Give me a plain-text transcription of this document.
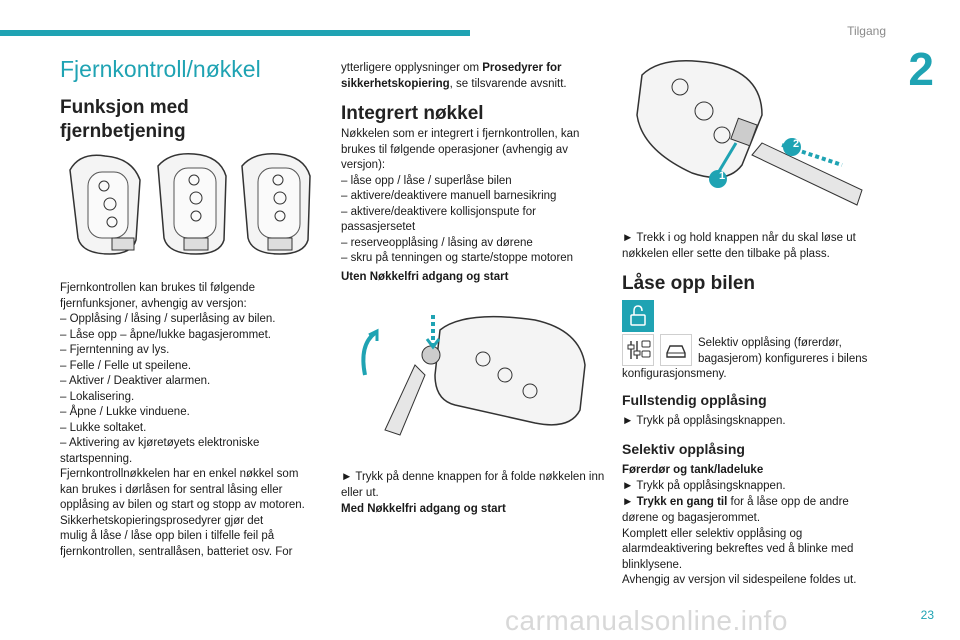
Tilgang
2
23
Fjernkontroll/nøkkel
Funksjon med fjernbetjening

Fjernkontrollen kan brukes til følgende

fjernfunksjoner, avhengig av versjon:

– Opplåsing / låsing / superlåsing av bilen.

– Låse opp – åpne/lukke bagasjerommet.

– Fjerntenning av lys.

– Felle / Felle ut speilene.

– Aktiver / Deaktiver alarmen.

– Lokalisering.

– Åpne / Lukke vinduene.

– Lukke soltaket.

– Aktivering av kjøretøyets elektroniske

startspenning.

Fjernkontrollnøkkelen har en enkel nøkkel som

kan brukes i dørlåsen for sentral låsing eller

opplåsing av bilen og start og stopp av motoren.

Sikkerhetskopieringsprosedyrer gjør det

mulig å låse / låse opp bilen i tilfelle feil på

fjernkontrollen, sentrallåsen, batteriet osv. For

ytterligere opplysninger om Prosedyrer for sikkerhetskopiering, se tilsvarende avsnitt.

Integrert nøkkel

Nøkkelen som er integrert i fjernkontrollen, kan

brukes til følgende operasjoner (avhengig av

versjon):

– låse opp / låse / superlåse bilen

– aktivere/deaktivere manuell barnesikring

– aktivere/deaktivere kollisjonspute for

passasjersetet

– reserveopplåsing / låsing av dørene

– skru på tenningen og starte/stoppe motoren

Uten Nøkkelfri adgang og start

► Trykk på denne knappen for å folde nøkkelen inn eller ut.

Med Nøkkelfri adgang og start

1
2

► Trekk i og hold knappen når du skal løse ut nøkkelen eller sette den tilbake på plass.

Låse opp bilen

Selektiv opplåsing (førerdør,

bagasjerom) konfigureres i bilens

konfigurasjonsmeny.

Fullstendig opplåsing

► Trykk på opplåsingsknappen.

Selektiv opplåsing

Førerdør og tank/ladeluke

► Trykk på opplåsingsknappen.

► Trykk en gang til for å låse opp de andre

dørene og bagasjerommet.

Komplett eller selektiv opplåsing og

alarmdeaktivering bekreftes ved å blinke med

blinklysene.

Avhengig av versjon vil sidespeilene foldes ut.

carmanualsonline.info
